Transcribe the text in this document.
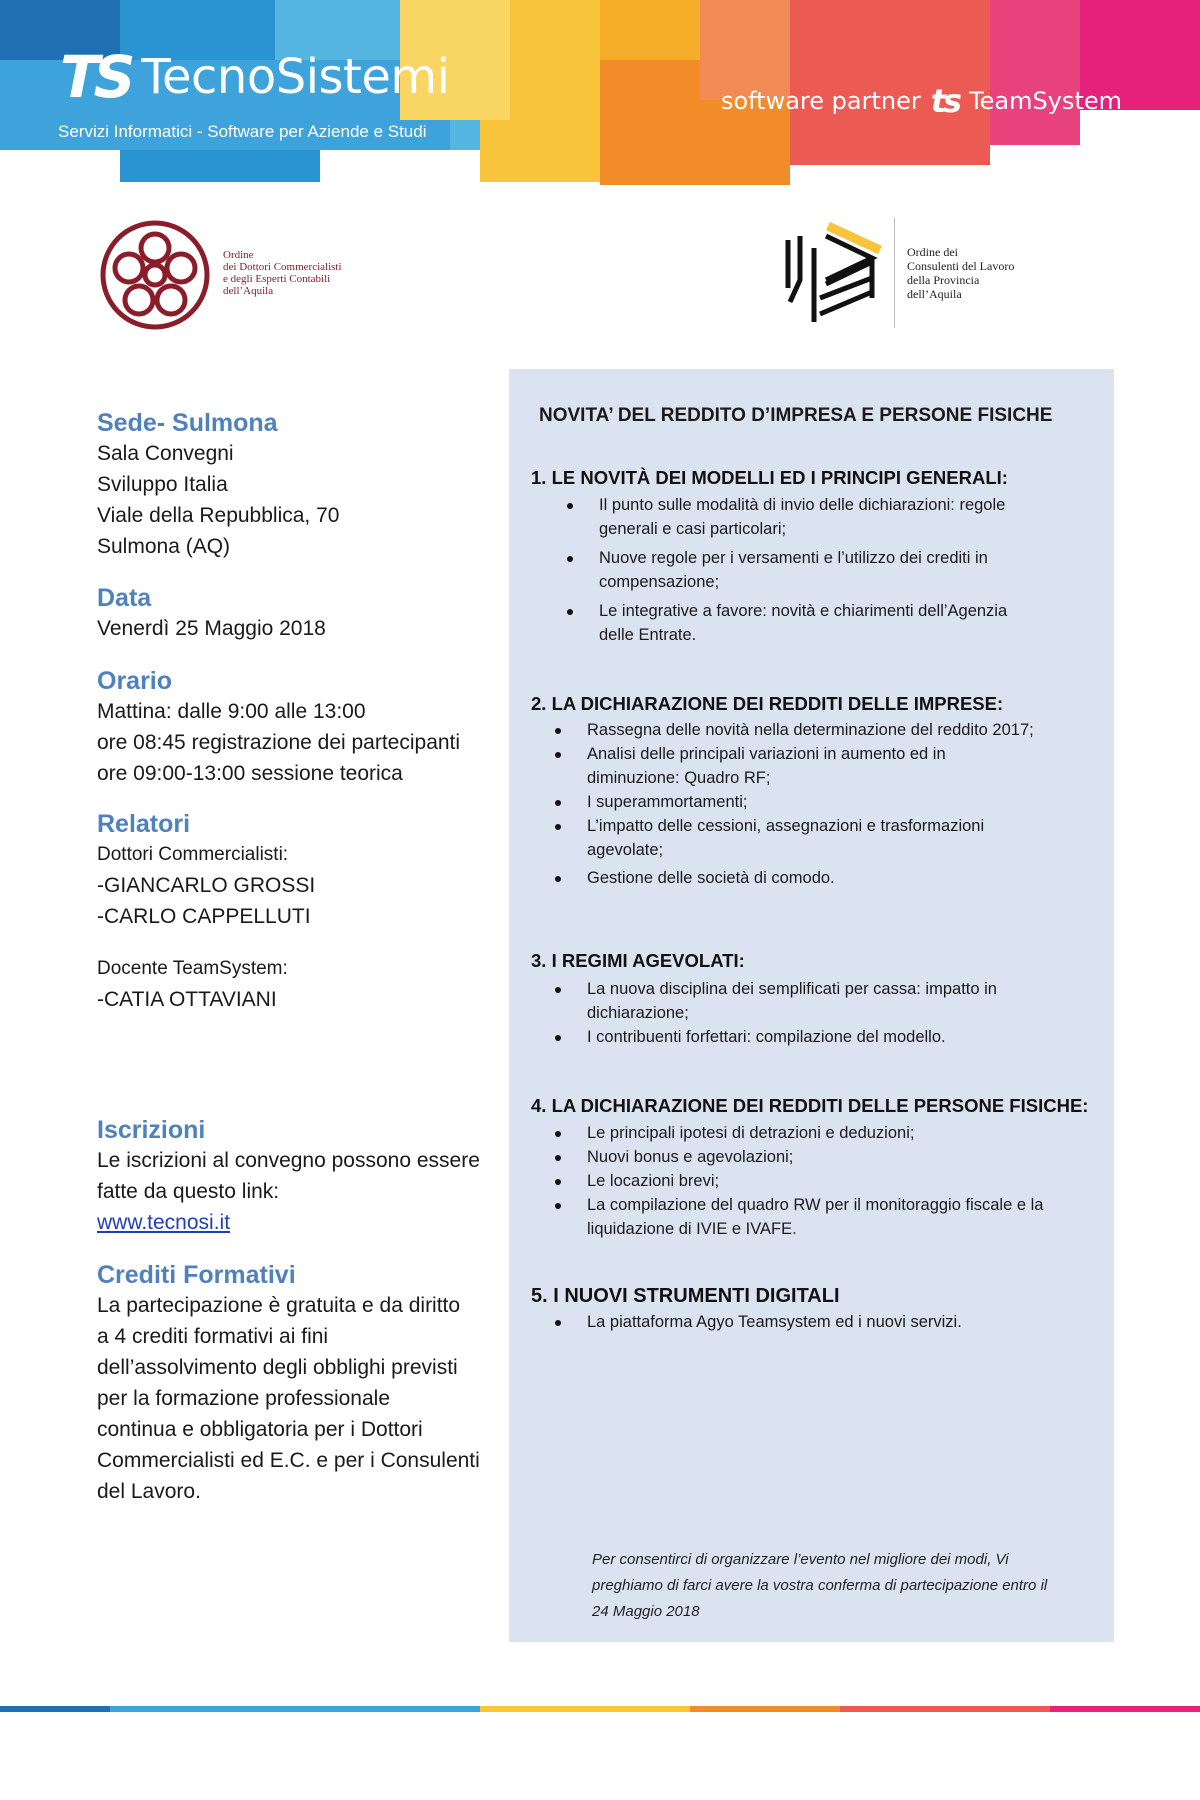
TS TecnoSistemi
Servizi Informatici - Software per Aziende e Studi
software partner ts TeamSystem
Ordine
dei Dottori Commercialisti
e degli Esperti Contabili
dell’Aquila
Ordine dei
Consulenti del Lavoro
della Provincia
dell’Aquila
Sede- Sulmona
Sala Convegni
Sviluppo Italia
Viale della Repubblica, 70
Sulmona (AQ)
Data
Venerdì 25 Maggio 2018
Orario
Mattina: dalle 9:00 alle 13:00
ore 08:45 registrazione dei partecipanti
ore 09:00-13:00 sessione teorica
Relatori
Dottori Commercialisti:
-GIANCARLO GROSSI
-CARLO CAPPELLUTI
Docente TeamSystem:
-CATIA OTTAVIANI
Iscrizioni
Le iscrizioni al convegno possono essere
fatte da questo link:
www.tecnosi.it
Crediti Formativi
La partecipazione è gratuita e da diritto
a 4 crediti formativi ai fini
dell’assolvimento degli obblighi previsti
per la formazione professionale
continua e obbligatoria per i Dottori
Commercialisti ed E.C. e per i Consulenti
del Lavoro.
NOVITA’ DEL REDDITO D’IMPRESA E PERSONE FISICHE
1. LE NOVITÀ DEI MODELLI ED I PRINCIPI GENERALI:
Il punto sulle modalità di invio delle dichiarazioni: regole
generali e casi particolari;
Nuove regole per i versamenti e l’utilizzo dei crediti in
compensazione;
Le integrative a favore: novità e chiarimenti dell’Agenzia
delle Entrate.
2. LA DICHIARAZIONE DEI REDDITI DELLE IMPRESE:
Rassegna delle novità nella determinazione del reddito 2017;
Analisi delle principali variazioni in aumento ed in
diminuzione: Quadro RF;
I superammortamenti;
L’impatto delle cessioni, assegnazioni e trasformazioni
agevolate;
Gestione delle società di comodo.
3. I REGIMI AGEVOLATI:
La nuova disciplina dei semplificati per cassa: impatto in
dichiarazione;
I contribuenti forfettari: compilazione del modello.
4. LA DICHIARAZIONE DEI REDDITI DELLE PERSONE FISICHE:
Le principali ipotesi di detrazioni e deduzioni;
Nuovi bonus e agevolazioni;
Le locazioni brevi;
La compilazione del quadro RW per il monitoraggio fiscale e la
liquidazione di IVIE e IVAFE.
5. I NUOVI STRUMENTI DIGITALI
La piattaforma Agyo Teamsystem ed i nuovi servizi.
Per consentirci di organizzare l’evento nel migliore dei modi, Vi
preghiamo di farci avere la vostra conferma di partecipazione entro il
24 Maggio 2018
